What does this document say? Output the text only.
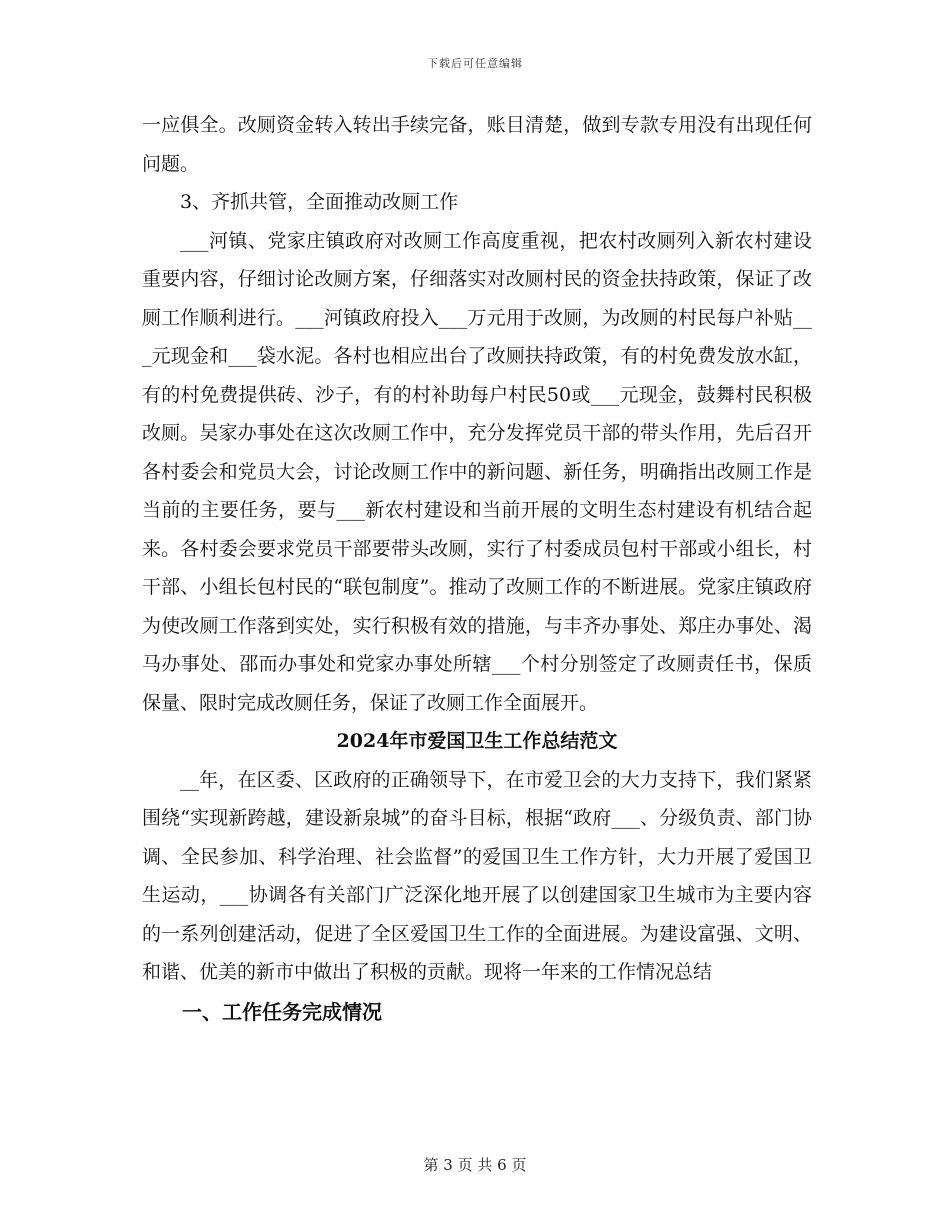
下载后可任意编辑

一应俱全。改厕资金转入转出手续完备，账目清楚，做到专款专用没有出现任何问题。

3、齐抓共管，全面推动改厕工作

___河镇、党家庄镇政府对改厕工作高度重视，把农村改厕列入新农村建设重要内容，仔细讨论改厕方案，仔细落实对改厕村民的资金扶持政策，保证了改厕工作顺利进行。___河镇政府投入___万元用于改厕，为改厕的村民每户补贴___元现金和___袋水泥。各村也相应出台了改厕扶持政策，有的村免费发放水缸，有的村免费提供砖、沙子，有的村补助每户村民50或___元现金，鼓舞村民积极改厕。吴家办事处在这次改厕工作中，充分发挥党员干部的带头作用，先后召开各村委会和党员大会，讨论改厕工作中的新问题、新任务，明确指出改厕工作是当前的主要任务，要与___新农村建设和当前开展的文明生态村建设有机结合起来。各村委会要求党员干部要带头改厕，实行了村委成员包村干部或小组长，村干部、小组长包村民的“联包制度”。推动了改厕工作的不断进展。党家庄镇政府为使改厕工作落到实处，实行积极有效的措施，与丰齐办事处、郑庄办事处、渴马办事处、邵而办事处和党家办事处所辖___个村分别签定了改厕责任书，保质保量、限时完成改厕任务，保证了改厕工作全面展开。

2024年市爱国卫生工作总结范文

__年，在区委、区政府的正确领导下，在市爱卫会的大力支持下，我们紧紧围绕“实现新跨越，建设新泉城”的奋斗目标，根据“政府___、分级负责、部门协调、全民参加、科学治理、社会监督”的爱国卫生工作方针，大力开展了爱国卫生运动，___协调各有关部门广泛深化地开展了以创建国家卫生城市为主要内容的一系列创建活动，促进了全区爱国卫生工作的全面进展。为建设富强、文明、和谐、优美的新市中做出了积极的贡献。现将一年来的工作情况总结

一、工作任务完成情况

第 3 页 共 6 页
